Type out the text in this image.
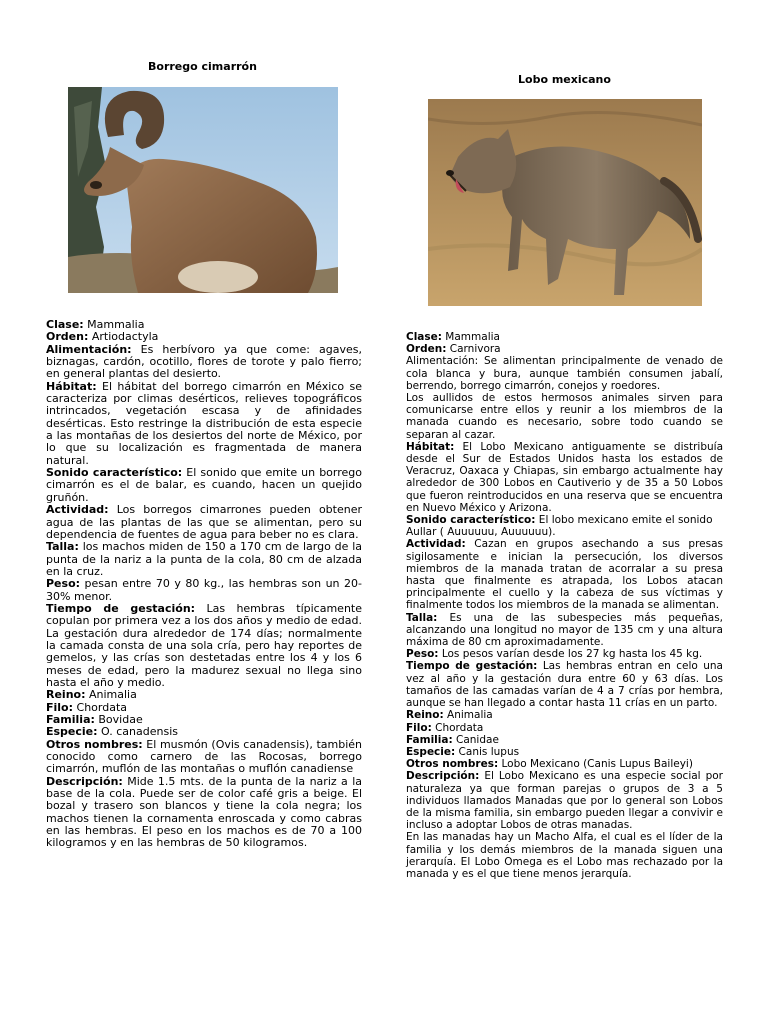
Borrego cimarrón

Clase: Mammalia

Orden: Artiodactyla

Alimentación: Es herbívoro ya que come: agaves, biznagas, cardón, ocotillo, flores de torote y palo fierro; en general plantas del desierto.

Hábitat: El hábitat del borrego cimarrón en México se caracteriza por climas desérticos, relieves topográficos intrincados, vegetación escasa y de afinidades desérticas. Esto restringe la distribución de esta especie a las montañas de los desiertos del norte de México, por lo que su localización es fragmentada de manera natural.

Sonido característico: El sonido que emite un borrego cimarrón es el de balar, es cuando, hacen un quejido gruñón.

Actividad: Los borregos cimarrones pueden obtener agua de las plantas de las que se alimentan, pero su dependencia de fuentes de agua para beber no es clara.

Talla: los machos miden de 150 a 170 cm de largo de la punta de la nariz a la punta de la cola, 80 cm de alzada en la cruz.

Peso: pesan entre 70 y 80 kg., las hembras son un 20-30% menor.

Tiempo de gestación: Las hembras típicamente copulan por primera vez a los dos años y medio de edad. La gestación dura alrededor de 174 días; normalmente la camada consta de una sola cría, pero hay reportes de gemelos, y las crías son destetadas entre los 4 y los 6 meses de edad, pero la madurez sexual no llega sino hasta el año y medio.

Reino: Animalia

Filo: Chordata

Familia: Bovidae

Especie: O. canadensis

Otros nombres: El musmón (Ovis canadensis), también conocido como carnero de las Rocosas, borrego cimarrón, muflón de las montañas o muflón canadiense

Descripción: Mide 1.5 mts. de la punta de la nariz a la base de la cola. Puede ser de color café gris a beige. El bozal y trasero son blancos y tiene la cola negra; los machos tienen la cornamenta enroscada y como cabras en las hembras. El peso en los machos es de 70 a 100 kilogramos y en las hembras de 50 kilogramos.

Lobo mexicano

Clase: Mammalia

Orden: Carnivora

Alimentación: Se alimentan principalmente de venado de cola blanca y bura, aunque también consumen jabalí, berrendo, borrego cimarrón, conejos y roedores.

Los aullidos de estos hermosos animales sirven para comunicarse entre ellos y reunir a los miembros de la manada cuando es necesario, sobre todo cuando se separan al cazar.

Hábitat: El Lobo Mexicano antiguamente se distribuía desde el Sur de Estados Unidos hasta los estados de Veracruz, Oaxaca y Chiapas, sin embargo actualmente hay alrededor de 300 Lobos en Cautiverio y de 35 a 50 Lobos que fueron reintroducidos en una reserva que se encuentra en Nuevo México y Arizona.

Sonido característico: El lobo mexicano emite el sonido Aullar ( Auuuuuu, Auuuuuu).

Actividad: Cazan en grupos asechando a sus presas sigilosamente e inician la persecución, los diversos miembros de la manada tratan de acorralar a su presa hasta que finalmente es atrapada, los Lobos atacan principalmente el cuello y la cabeza de sus víctimas y finalmente todos los miembros de la manada se alimentan.

Talla: Es una de las subespecies más pequeñas, alcanzando una longitud no mayor de 135 cm y una altura máxima de 80 cm aproximadamente.

Peso: Los pesos varían desde los 27 kg hasta los 45 kg.

Tiempo de gestación: Las hembras entran en celo una vez al año y la gestación dura entre 60 y 63 días. Los tamaños de las camadas varían de 4 a 7 crías por hembra, aunque se han llegado a contar hasta 11 crías en un parto.

Reino: Animalia

Filo: Chordata

Familia: Canidae

Especie: Canis lupus

Otros nombres: Lobo Mexicano (Canis Lupus Baileyi)

Descripción: El Lobo Mexicano es una especie social por naturaleza ya que forman parejas o grupos de 3 a 5 individuos llamados Manadas que por lo general son Lobos de la misma familia, sin embargo pueden llegar a convivir e incluso a adoptar Lobos de otras manadas.

En las manadas hay un Macho Alfa, el cual es el líder de la familia y los demás miembros de la manada siguen una jerarquía. El Lobo Omega es el Lobo mas rechazado por la manada y es el que tiene menos jerarquía.
